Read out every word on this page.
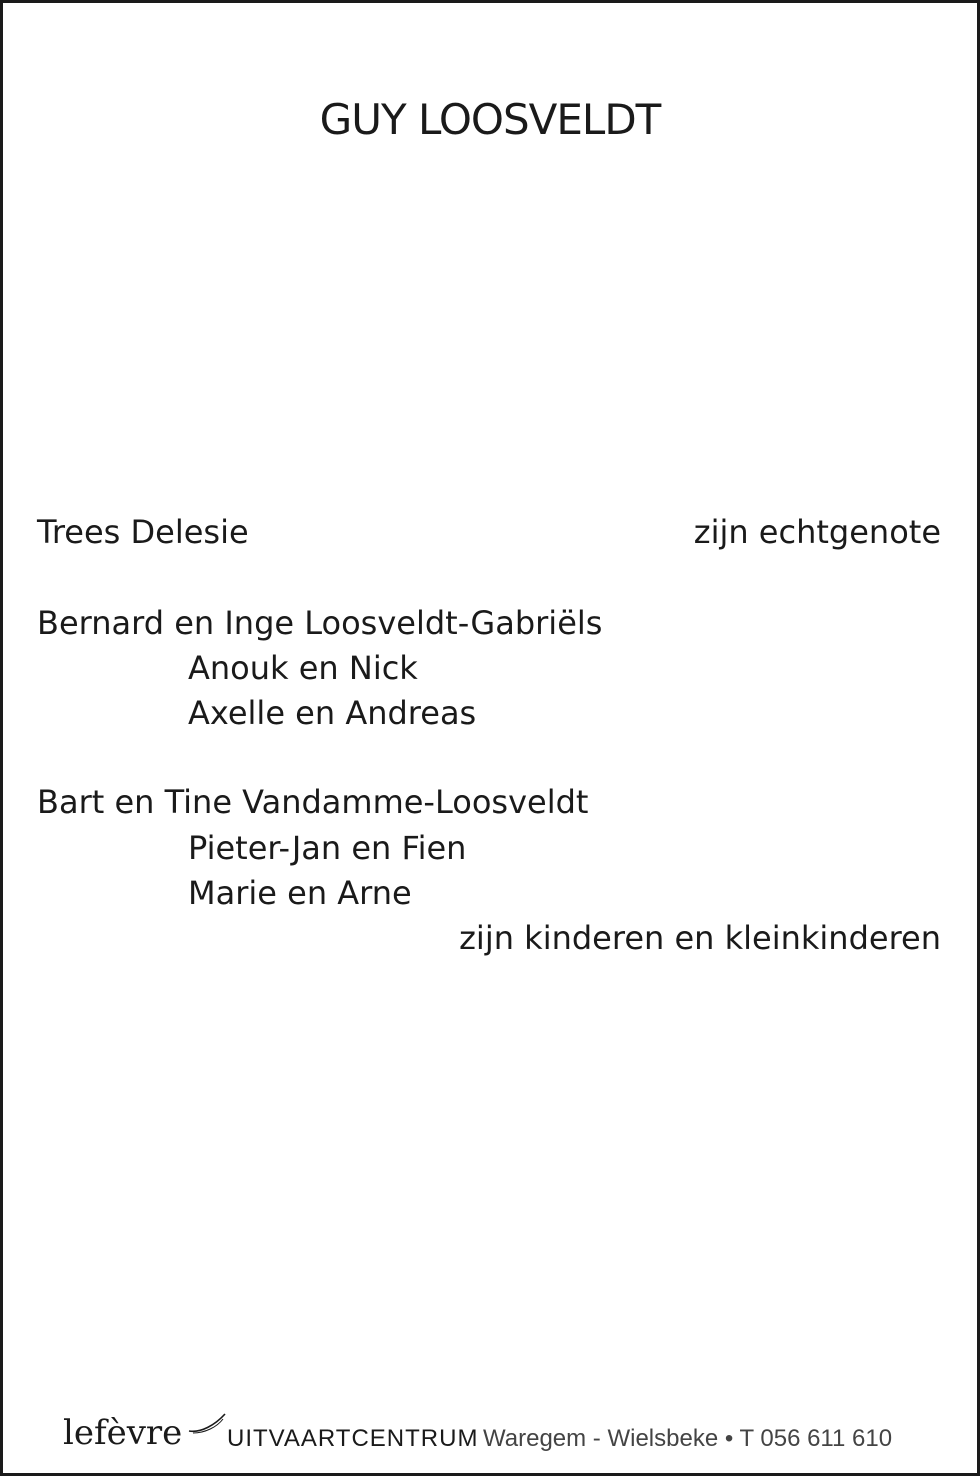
GUY LOOSVELDT
Trees Delesie	zijn echtgenote
Bernard en Inge Loosveldt-Gabriëls
Anouk en Nick
Axelle en Andreas
Bart en Tine Vandamme-Loosveldt
Pieter-Jan en Fien
Marie en Arne
zijn kinderen en kleinkinderen
lefèvre UITVAARTCENTRUM Waregem - Wielsbeke • T 056 611 610
